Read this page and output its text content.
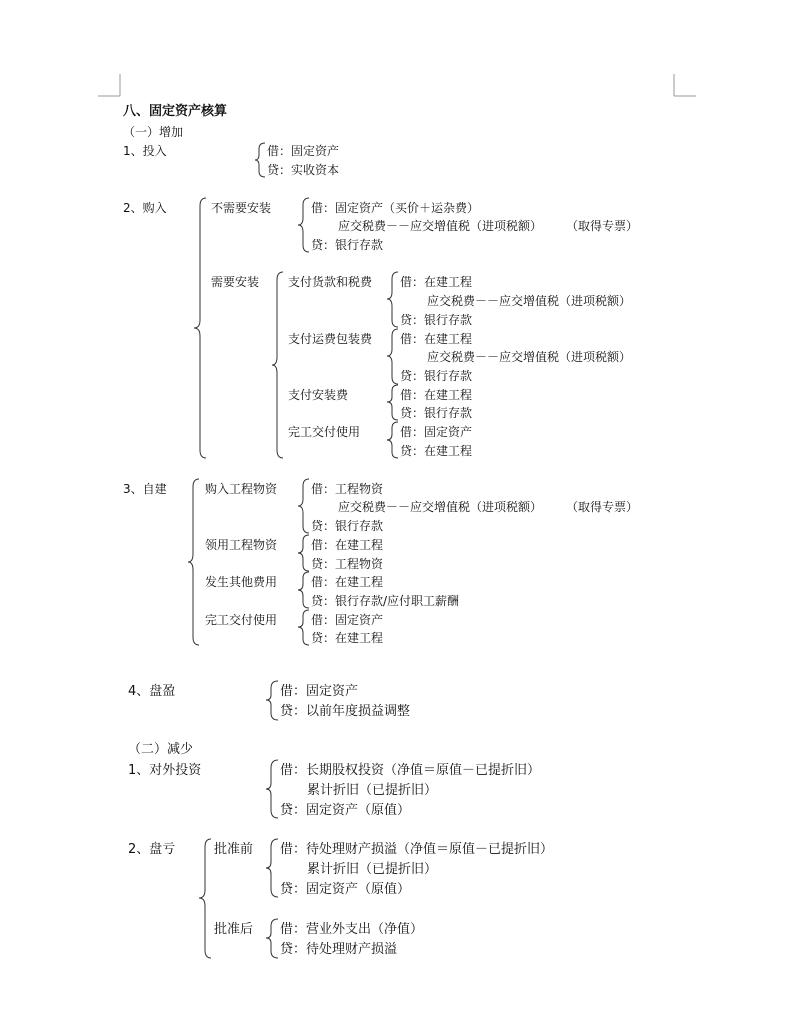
八、固定资产核算
（一）增加
1、投入	借：固定资产
贷：实收资本
2、购入	不需要安装	借：固定资产（买价＋运杂费）
应交税费－－应交增值税（进项税额） （取得专票）
贷：银行存款
需要安装 支付货款和税费 借：在建工程
应交税费－－应交增值税（进项税额）
贷：银行存款
支付运费包装费 借：在建工程
应交税费－－应交增值税（进项税额）
贷：银行存款
支付安装费	借：在建工程
贷：银行存款
完工交付使用	借：固定资产
贷：在建工程
3、自建	购入工程物资	借：工程物资
应交税费－－应交增值税（进项税额） （取得专票）
贷：银行存款
领用工程物资	借：在建工程
贷：工程物资
发生其他费用	借：在建工程
贷：银行存款/应付职工薪酬
完工交付使用	借：固定资产
贷：在建工程
4、盘盈	借：固定资产
贷：以前年度损益调整
（二）减少
1、对外投资	借：长期股权投资（净值＝原值－已提折旧）
累计折旧（已提折旧）
贷：固定资产（原值）
2、盘亏	批准前 借：待处理财产损溢（净值＝原值－已提折旧）
累计折旧（已提折旧）
贷：固定资产（原值）
批准后 借：营业外支出（净值）
贷：待处理财产损溢
